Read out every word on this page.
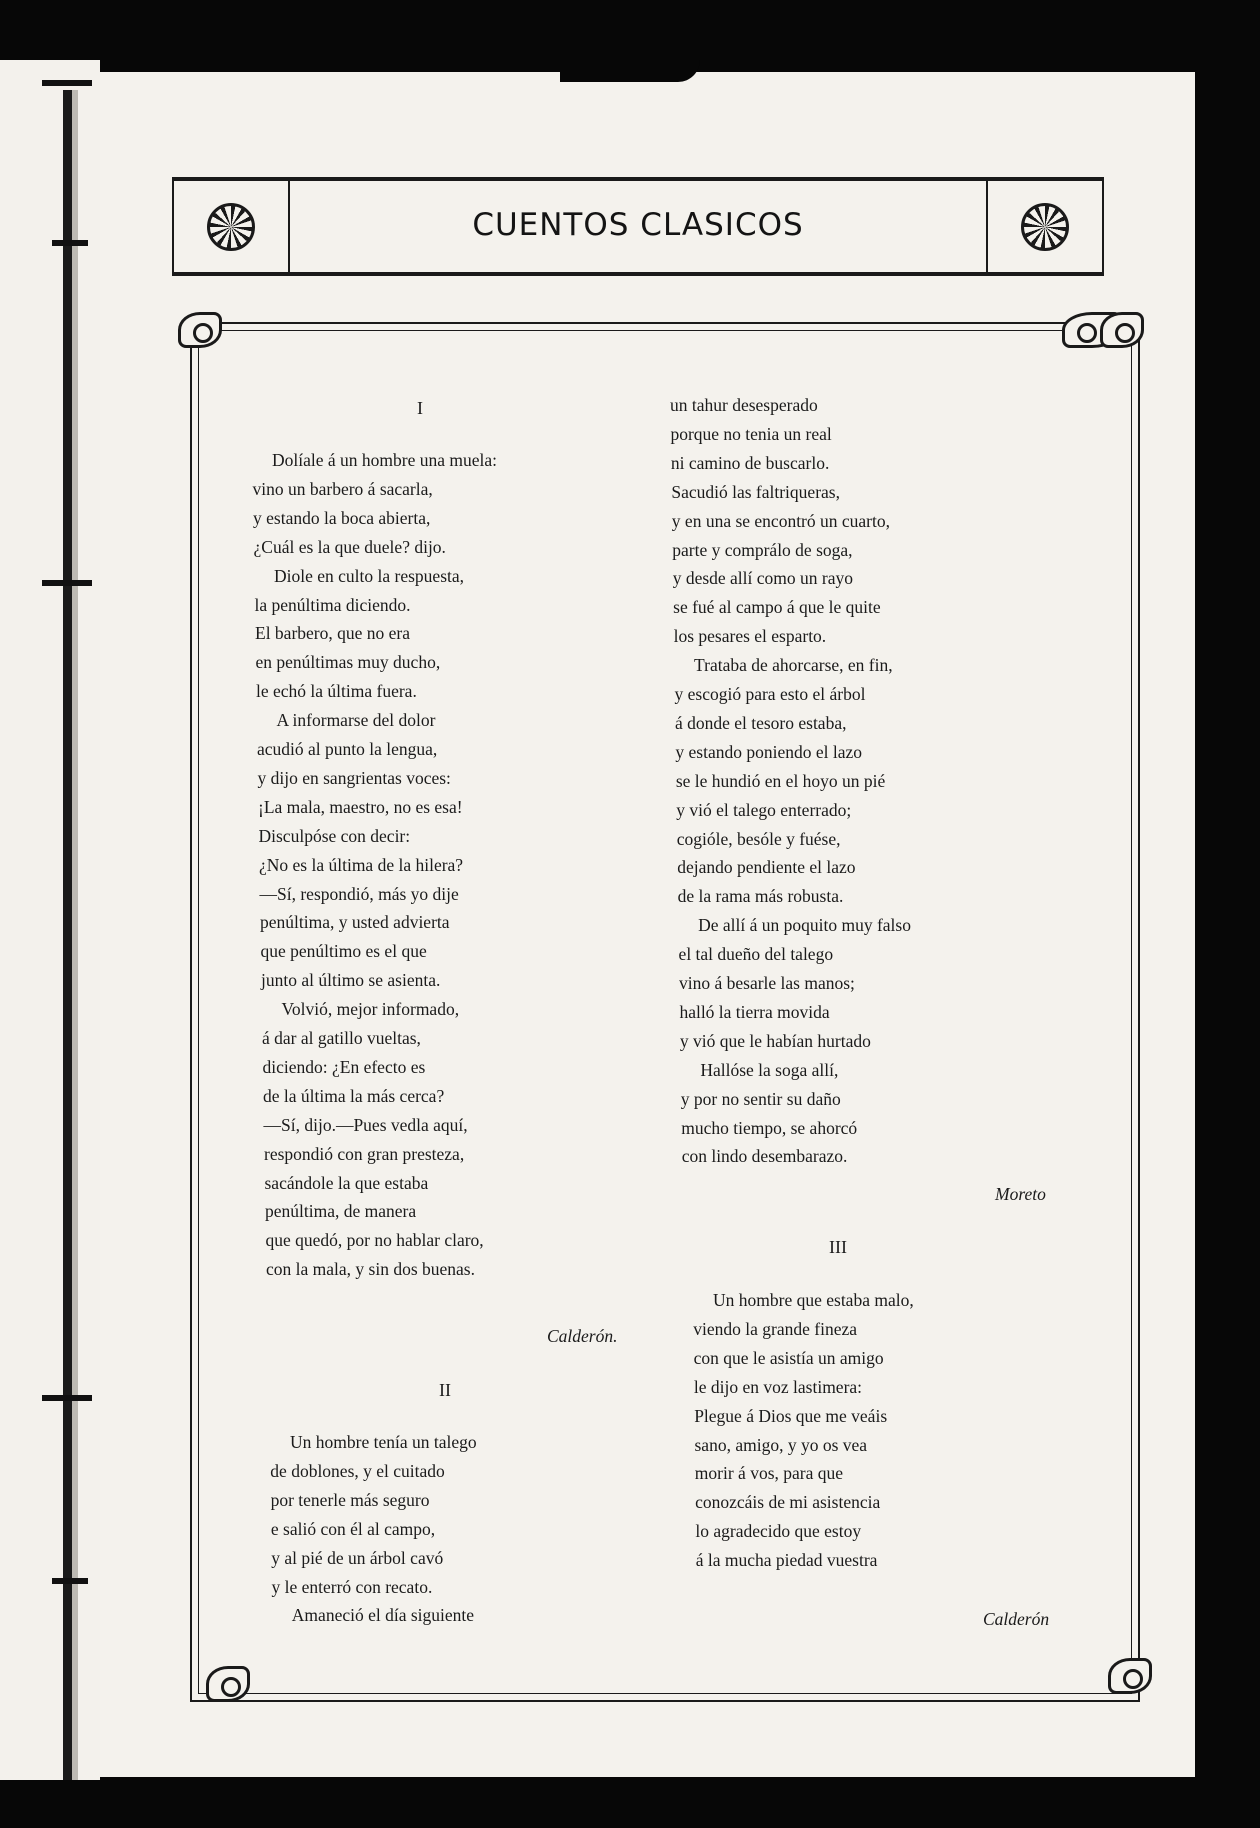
CUENTOS CLASICOS
I
Dolíale á un hombre una muela:
vino un barbero á sacarla,
y estando la boca abierta,
¿Cuál es la que duele? dijo.
Diole en culto la respuesta,
la penúltima diciendo.
El barbero, que no era
en penúltimas muy ducho,
le echó la última fuera.
A informarse del dolor
acudió al punto la lengua,
y dijo en sangrientas voces:
¡La mala, maestro, no es esa!
Disculpóse con decir:
¿No es la última de la hilera?
—Sí, respondió, más yo dije
penúltima, y usted advierta
que penúltimo es el que
junto al último se asienta.
Volvió, mejor informado,
á dar al gatillo vueltas,
diciendo: ¿En efecto es
de la última la más cerca?
—Sí, dijo.—Pues vedla aquí,
respondió con gran presteza,
sacándole la que estaba
penúltima, de manera
que quedó, por no hablar claro,
con la mala, y sin dos buenas.
Calderón.
II
Un hombre tenía un talego
de doblones, y el cuitado
por tenerle más seguro
e salió con él al campo,
y al pié de un árbol cavó
y le enterró con recato.
Amaneció el día siguiente
un tahur desesperado
porque no tenia un real
ni camino de buscarlo.
Sacudió las faltriqueras,
y en una se encontró un cuarto,
parte y comprálo de soga,
y desde allí como un rayo
se fué al campo á que le quite
los pesares el esparto.
Trataba de ahorcarse, en fin,
y escogió para esto el árbol
á donde el tesoro estaba,
y estando poniendo el lazo
se le hundió en el hoyo un pié
y vió el talego enterrado;
cogióle, besóle y fuése,
dejando pendiente el lazo
de la rama más robusta.
De allí á un poquito muy falso
el tal dueño del talego
vino á besarle las manos;
halló la tierra movida
y vió que le habían hurtado
Hallóse la soga allí,
y por no sentir su daño
mucho tiempo, se ahorcó
con lindo desembarazo.
Moreto
III
Un hombre que estaba malo,
viendo la grande fineza
con que le asistía un amigo
le dijo en voz lastimera:
Plegue á Dios que me veáis
sano, amigo, y yo os vea
morir á vos, para que
conozcáis de mi asistencia
lo agradecido que estoy
á la mucha piedad vuestra
Calderón
